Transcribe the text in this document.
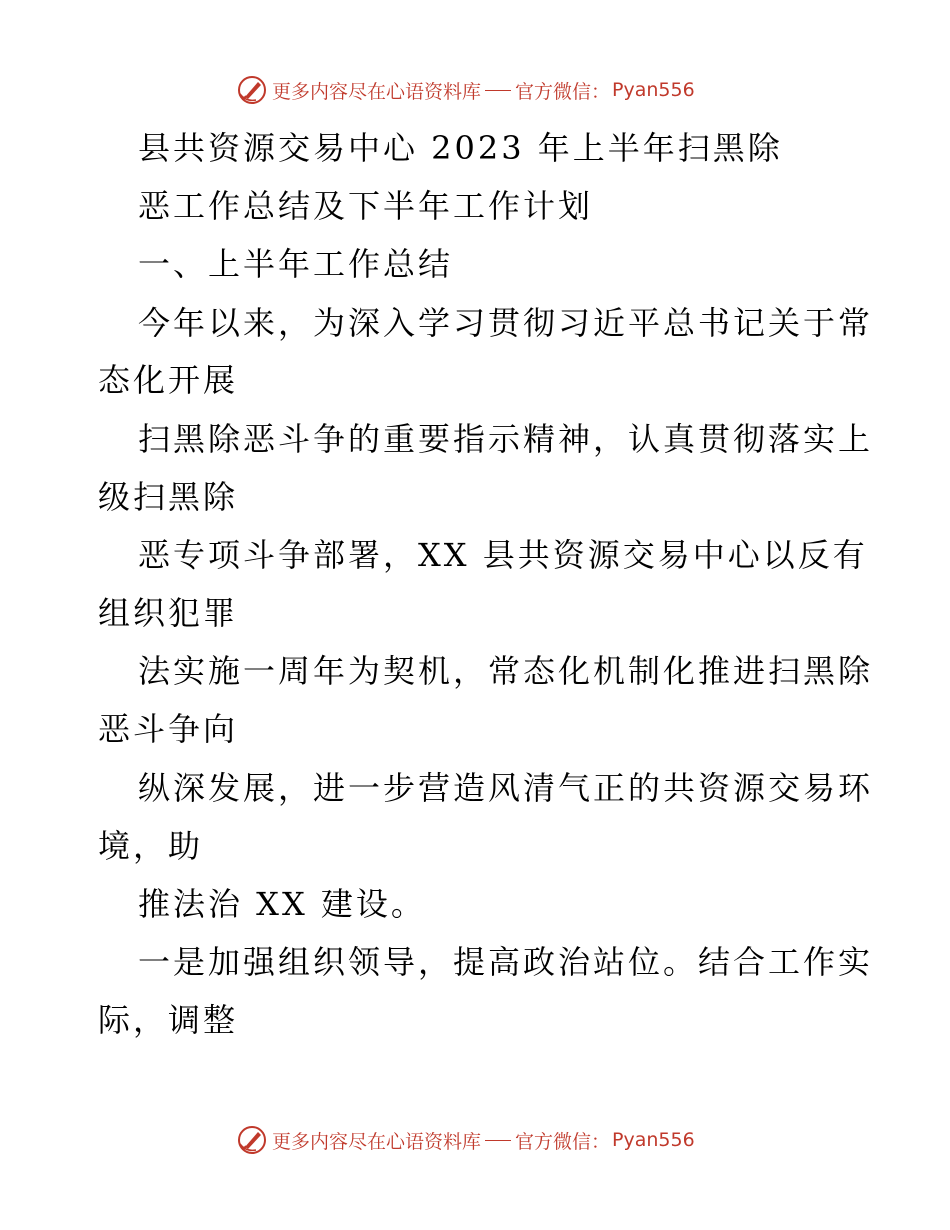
更多内容尽在心语资料库 官方微信： Pyan556
县共资源交易中心 2023 年上半年扫黑除
恶工作总结及下半年工作计划
一、上半年工作总结
今年以来，为深入学习贯彻习近平总书记关于常
态化开展
扫黑除恶斗争的重要指示精神，认真贯彻落实上
级扫黑除
恶专项斗争部署，XX 县共资源交易中心以反有
组织犯罪
法实施一周年为契机，常态化机制化推进扫黑除
恶斗争向
纵深发展，进一步营造风清气正的共资源交易环
境，助
推法治 XX 建设。
一是加强组织领导，提高政治站位。结合工作实
际，调整
更多内容尽在心语资料库 官方微信： Pyan556
